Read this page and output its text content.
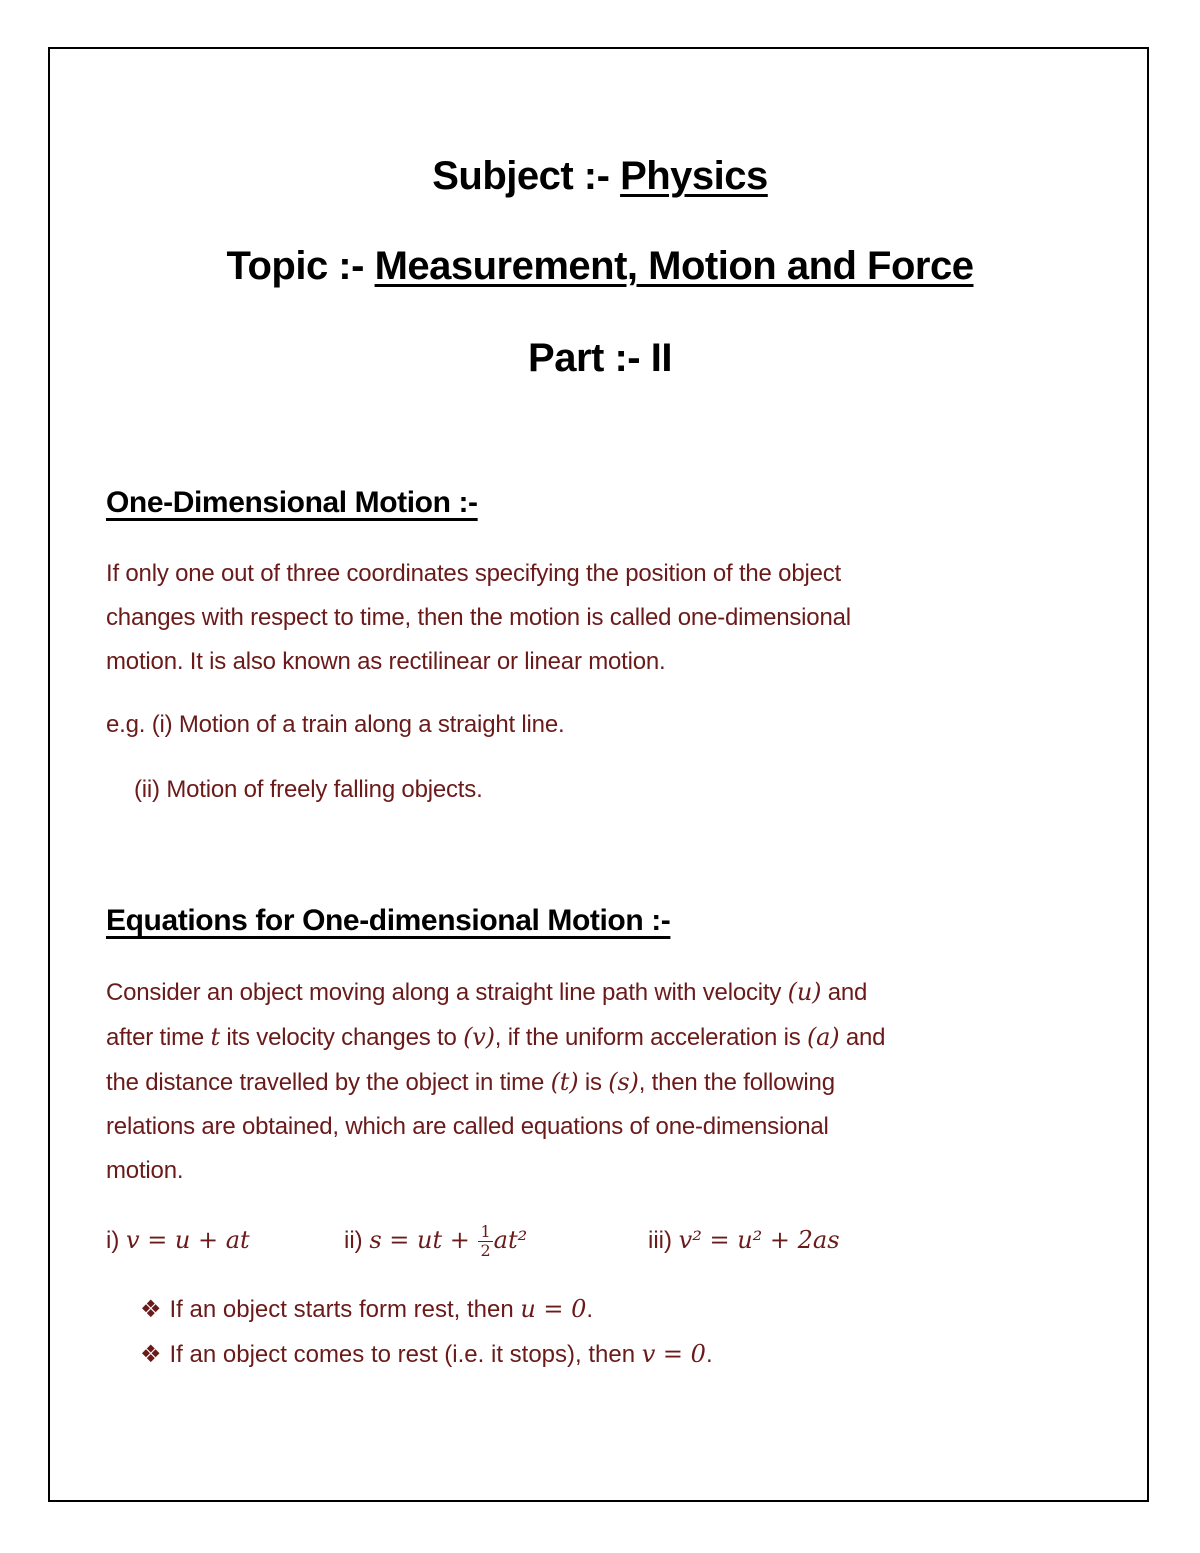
Subject :- Physics
Topic :- Measurement, Motion and Force
Part :- II
One-Dimensional Motion :-
If only one out of three coordinates specifying the position of the object
changes with respect to time, then the motion is called one-dimensional
motion. It is also known as rectilinear or linear motion.
e.g. (i) Motion of a train along a straight line.
(ii) Motion of freely falling objects.
Equations for One-dimensional Motion :-
Consider an object moving along a straight line path with velocity (u) and
after time t its velocity changes to (v), if the uniform acceleration is (a) and
the distance travelled by the object in time (t) is (s), then the following
relations are obtained, which are called equations of one-dimensional
motion.
i) v = u + at	ii) s = ut + $\frac{1}{2} at^2$	iii) v² = u² + 2as
❖ If an object starts form rest, then u = 0.
❖ If an object comes to rest (i.e. it stops), then v = 0.
